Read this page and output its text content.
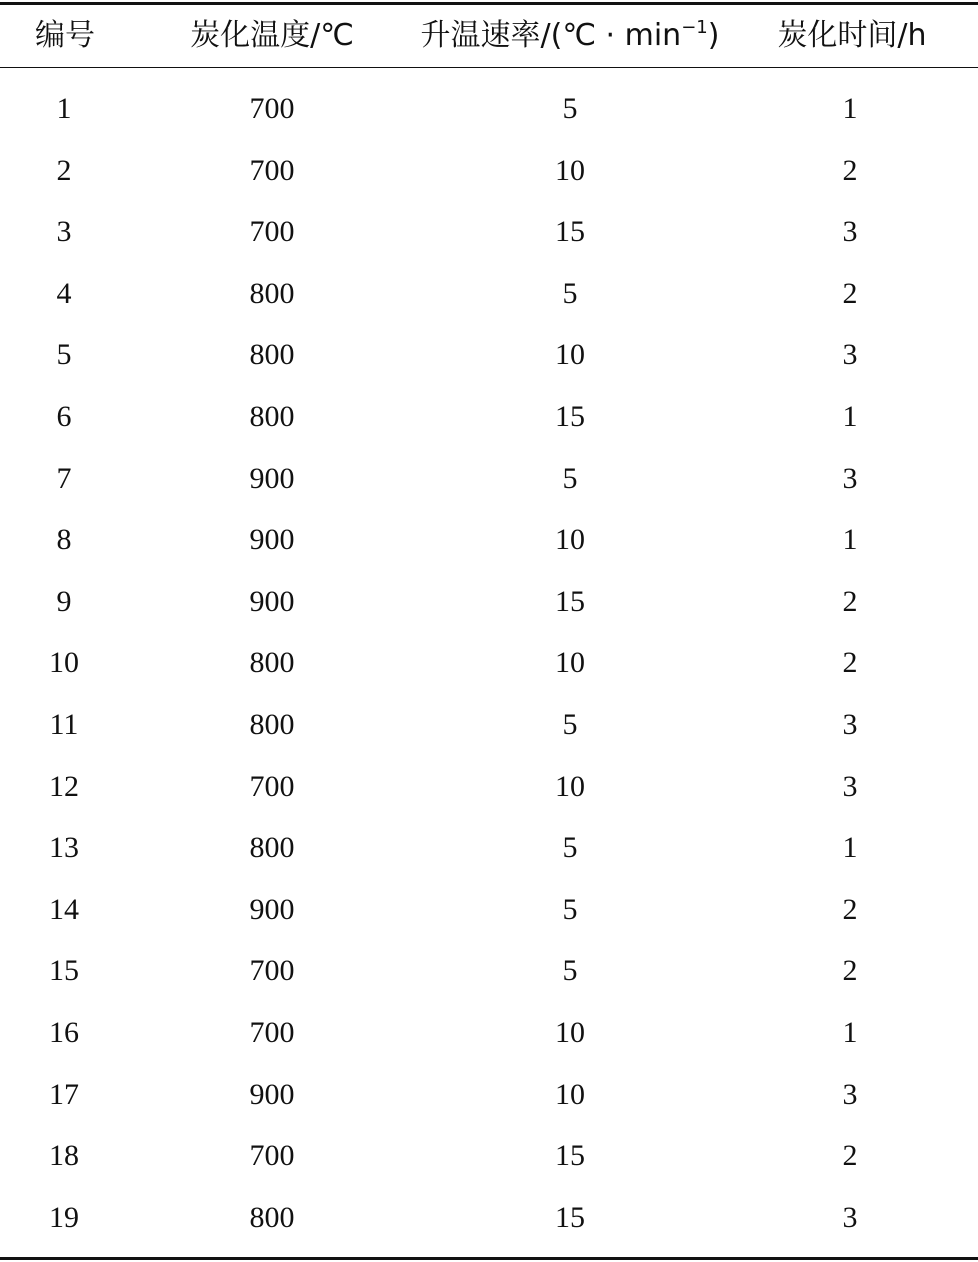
编号	炭化温度/℃	升温速率/(℃ · $\min^{-1}$)	炭化时间/h
1	700	5	1
2	700	10	2
3	700	15	3
4	800	5	2
5	800	10	3
6	800	15	1
7	900	5	3
8	900	10	1
9	900	15	2
10	800	10	2
11	800	5	3
12	700	10	3
13	800	5	1
14	900	5	2
15	700	5	2
16	700	10	1
17	900	10	3
18	700	15	2
19	800	15	3
